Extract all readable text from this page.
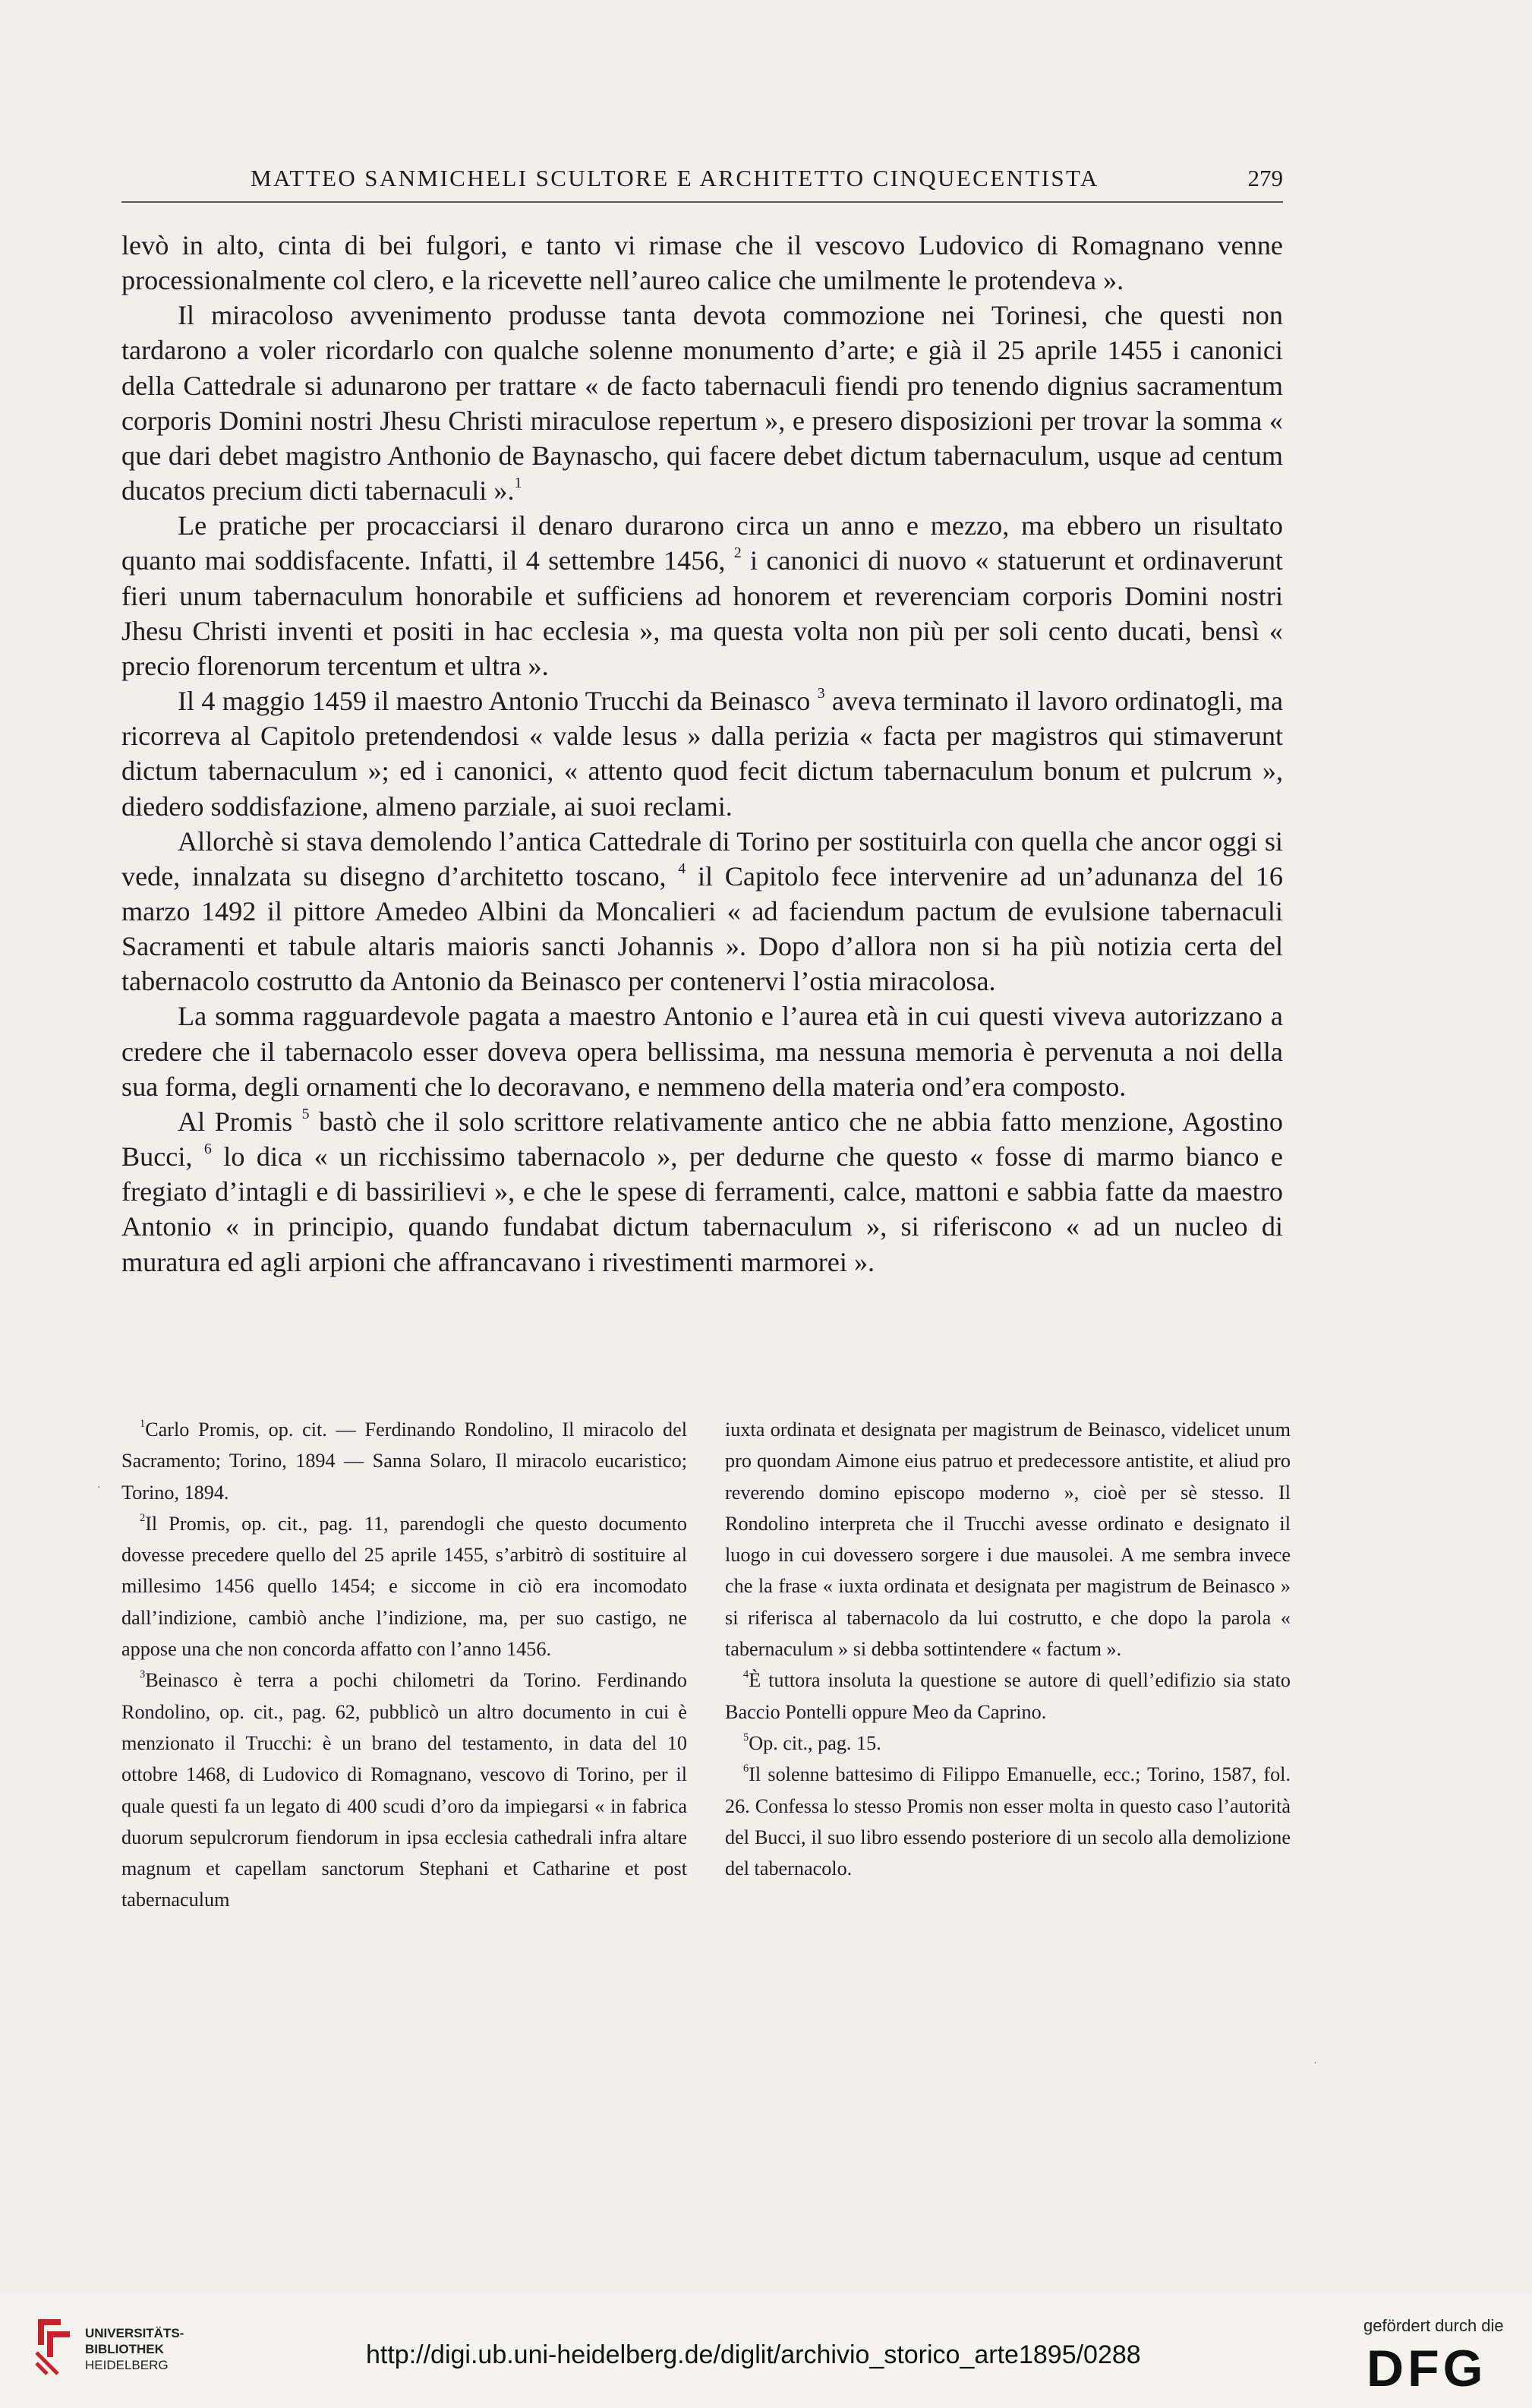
MATTEO SANMICHELI SCULTORE E ARCHITETTO CINQUECENTISTA	279

levò in alto, cinta di bei fulgori, e tanto vi rimase che il vescovo Ludovico di Romagnano venne processionalmente col clero, e la ricevette nell’aureo calice che umilmente le protendeva ».

Il miracoloso avvenimento produsse tanta devota commozione nei Torinesi, che questi non tardarono a voler ricordarlo con qualche solenne monumento d’arte; e già il 25 aprile 1455 i canonici della Cattedrale si adunarono per trattare « de facto tabernaculi fiendi pro tenendo dignius sacramentum corporis Domini nostri Jhesu Christi miraculose repertum », e presero disposizioni per trovar la somma « que dari debet magistro Anthonio de Baynascho, qui facere debet dictum tabernaculum, usque ad centum ducatos precium dicti tabernaculi ».$^1$

Le pratiche per procacciarsi il denaro durarono circa un anno e mezzo, ma ebbero un risultato quanto mai soddisfacente. Infatti, il 4 settembre 1456, $^2$ i canonici di nuovo « statuerunt et ordinaverunt fieri unum tabernaculum honorabile et sufficiens ad honorem et reverenciam corporis Domini nostri Jhesu Christi inventi et positi in hac ecclesia », ma questa volta non più per soli cento ducati, bensì « precio florenorum tercentum et ultra ».

Il 4 maggio 1459 il maestro Antonio Trucchi da Beinasco $^3$ aveva terminato il lavoro ordinatogli, ma ricorreva al Capitolo pretendendosi « valde lesus » dalla perizia « facta per magistros qui stimaverunt dictum tabernaculum »; ed i canonici, « attento quod fecit dictum tabernaculum bonum et pulcrum », diedero soddisfazione, almeno parziale, ai suoi reclami.

Allorchè si stava demolendo l’antica Cattedrale di Torino per sostituirla con quella che ancor oggi si vede, innalzata su disegno d’architetto toscano, $^4$ il Capitolo fece intervenire ad un’adunanza del 16 marzo 1492 il pittore Amedeo Albini da Moncalieri « ad faciendum pactum de evulsione tabernaculi Sacramenti et tabule altaris maioris sancti Johannis ». Dopo d’allora non si ha più notizia certa del tabernacolo costrutto da Antonio da Beinasco per contenervi l’ostia miracolosa.

La somma ragguardevole pagata a maestro Antonio e l’aurea età in cui questi viveva autorizzano a credere che il tabernacolo esser doveva opera bellissima, ma nessuna memoria è pervenuta a noi della sua forma, degli ornamenti che lo decoravano, e nemmeno della materia ond’era composto.

Al Promis $^5$ bastò che il solo scrittore relativamente antico che ne abbia fatto menzione, Agostino Bucci, $^6$ lo dica « un ricchissimo tabernacolo », per dedurne che questo « fosse di marmo bianco e fregiato d’intagli e di bassirilievi », e che le spese di ferramenti, calce, mattoni e sabbia fatte da maestro Antonio « in principio, quando fundabat dictum tabernaculum », si riferiscono « ad un nucleo di muratura ed agli arpioni che affrancavano i rivestimenti marmorei ».

$^1$Carlo Promis, op. cit. — Ferdinando Rondolino, Il miracolo del Sacramento; Torino, 1894 — Sanna Solaro, Il miracolo eucaristico; Torino, 1894.

$^2$Il Promis, op. cit., pag. 11, parendogli che questo documento dovesse precedere quello del 25 aprile 1455, s’arbitrò di sostituire al millesimo 1456 quello 1454; e siccome in ciò era incomodato dall’indizione, cambiò anche l’indizione, ma, per suo castigo, ne appose una che non concorda affatto con l’anno 1456.

$^3$Beinasco è terra a pochi chilometri da Torino. Ferdinando Rondolino, op. cit., pag. 62, pubblicò un altro documento in cui è menzionato il Trucchi: è un brano del testamento, in data del 10 ottobre 1468, di Ludovico di Romagnano, vescovo di Torino, per il quale questi fa un legato di 400 scudi d’oro da impiegarsi « in fabrica duorum sepulcrorum fiendorum in ipsa ecclesia cathedrali infra altare magnum et capellam sanctorum Stephani et Catharine et post tabernaculum

iuxta ordinata et designata per magistrum de Beinasco, videlicet unum pro quondam Aimone eius patruo et predecessore antistite, et aliud pro reverendo domino episcopo moderno », cioè per sè stesso. Il Rondolino interpreta che il Trucchi avesse ordinato e designato il luogo in cui dovessero sorgere i due mausolei. A me sembra invece che la frase « iuxta ordinata et designata per magistrum de Beinasco » si riferisca al tabernacolo da lui costrutto, e che dopo la parola « tabernaculum » si debba sottintendere « factum ».

$^4$È tuttora insoluta la questione se autore di quell’edifizio sia stato Baccio Pontelli oppure Meo da Caprino.

$^5$Op. cit., pag. 15.

$^6$Il solenne battesimo di Filippo Emanuelle, ecc.; Torino, 1587, fol. 26. Confessa lo stesso Promis non esser molta in questo caso l’autorità del Bucci, il suo libro essendo posteriore di un secolo alla demolizione del tabernacolo.

·
·
UNIVERSITÄTS-
BIBLIOTHEK
HEIDELBERG	http://digi.ub.uni-heidelberg.de/diglit/archivio_storico_arte1895/0288
gefördert durch die
DFG
